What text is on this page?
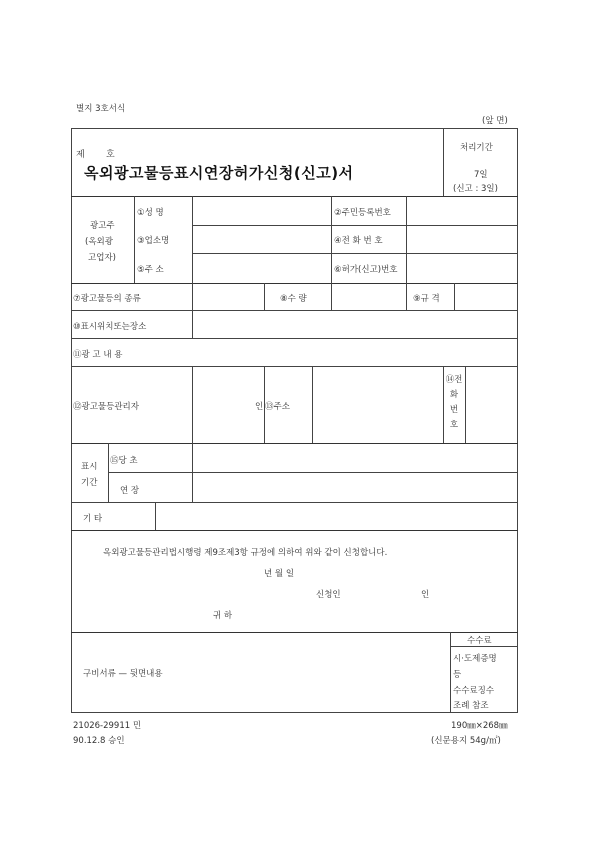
별지 3호서식
(앞 면)
제 호
옥외광고물등표시연장허가신청(신고)서
처리기간
7일
(신고 : 3일)
광고주
(옥외광
고업자)
①성 명	②주민등록번호
③업소명	④전 화 번 호
⑤주 소	⑥허가(신고)번호
⑦광고물등의 종류	⑧수 량	⑨규 격
⑩표시위치또는장소
⑪광 고 내 용
⑫광고물등관리자	인 ⑬주소
⑭전
화
번
호
표시
기간
⑮당 초
연 장
기 타
옥외광고물등관리법시행령 제9조제3항 규정에 의하여 위와 같이 신청합니다.
년 월 일
신청인	인
귀 하
구비서류 — 뒷면내용
수수료
시·도제증명
등
수수료징수
조례 참조
21026-29911 민
90.12.8 승인
190㎜×268㎜
(신문용지 54g/㎡)
